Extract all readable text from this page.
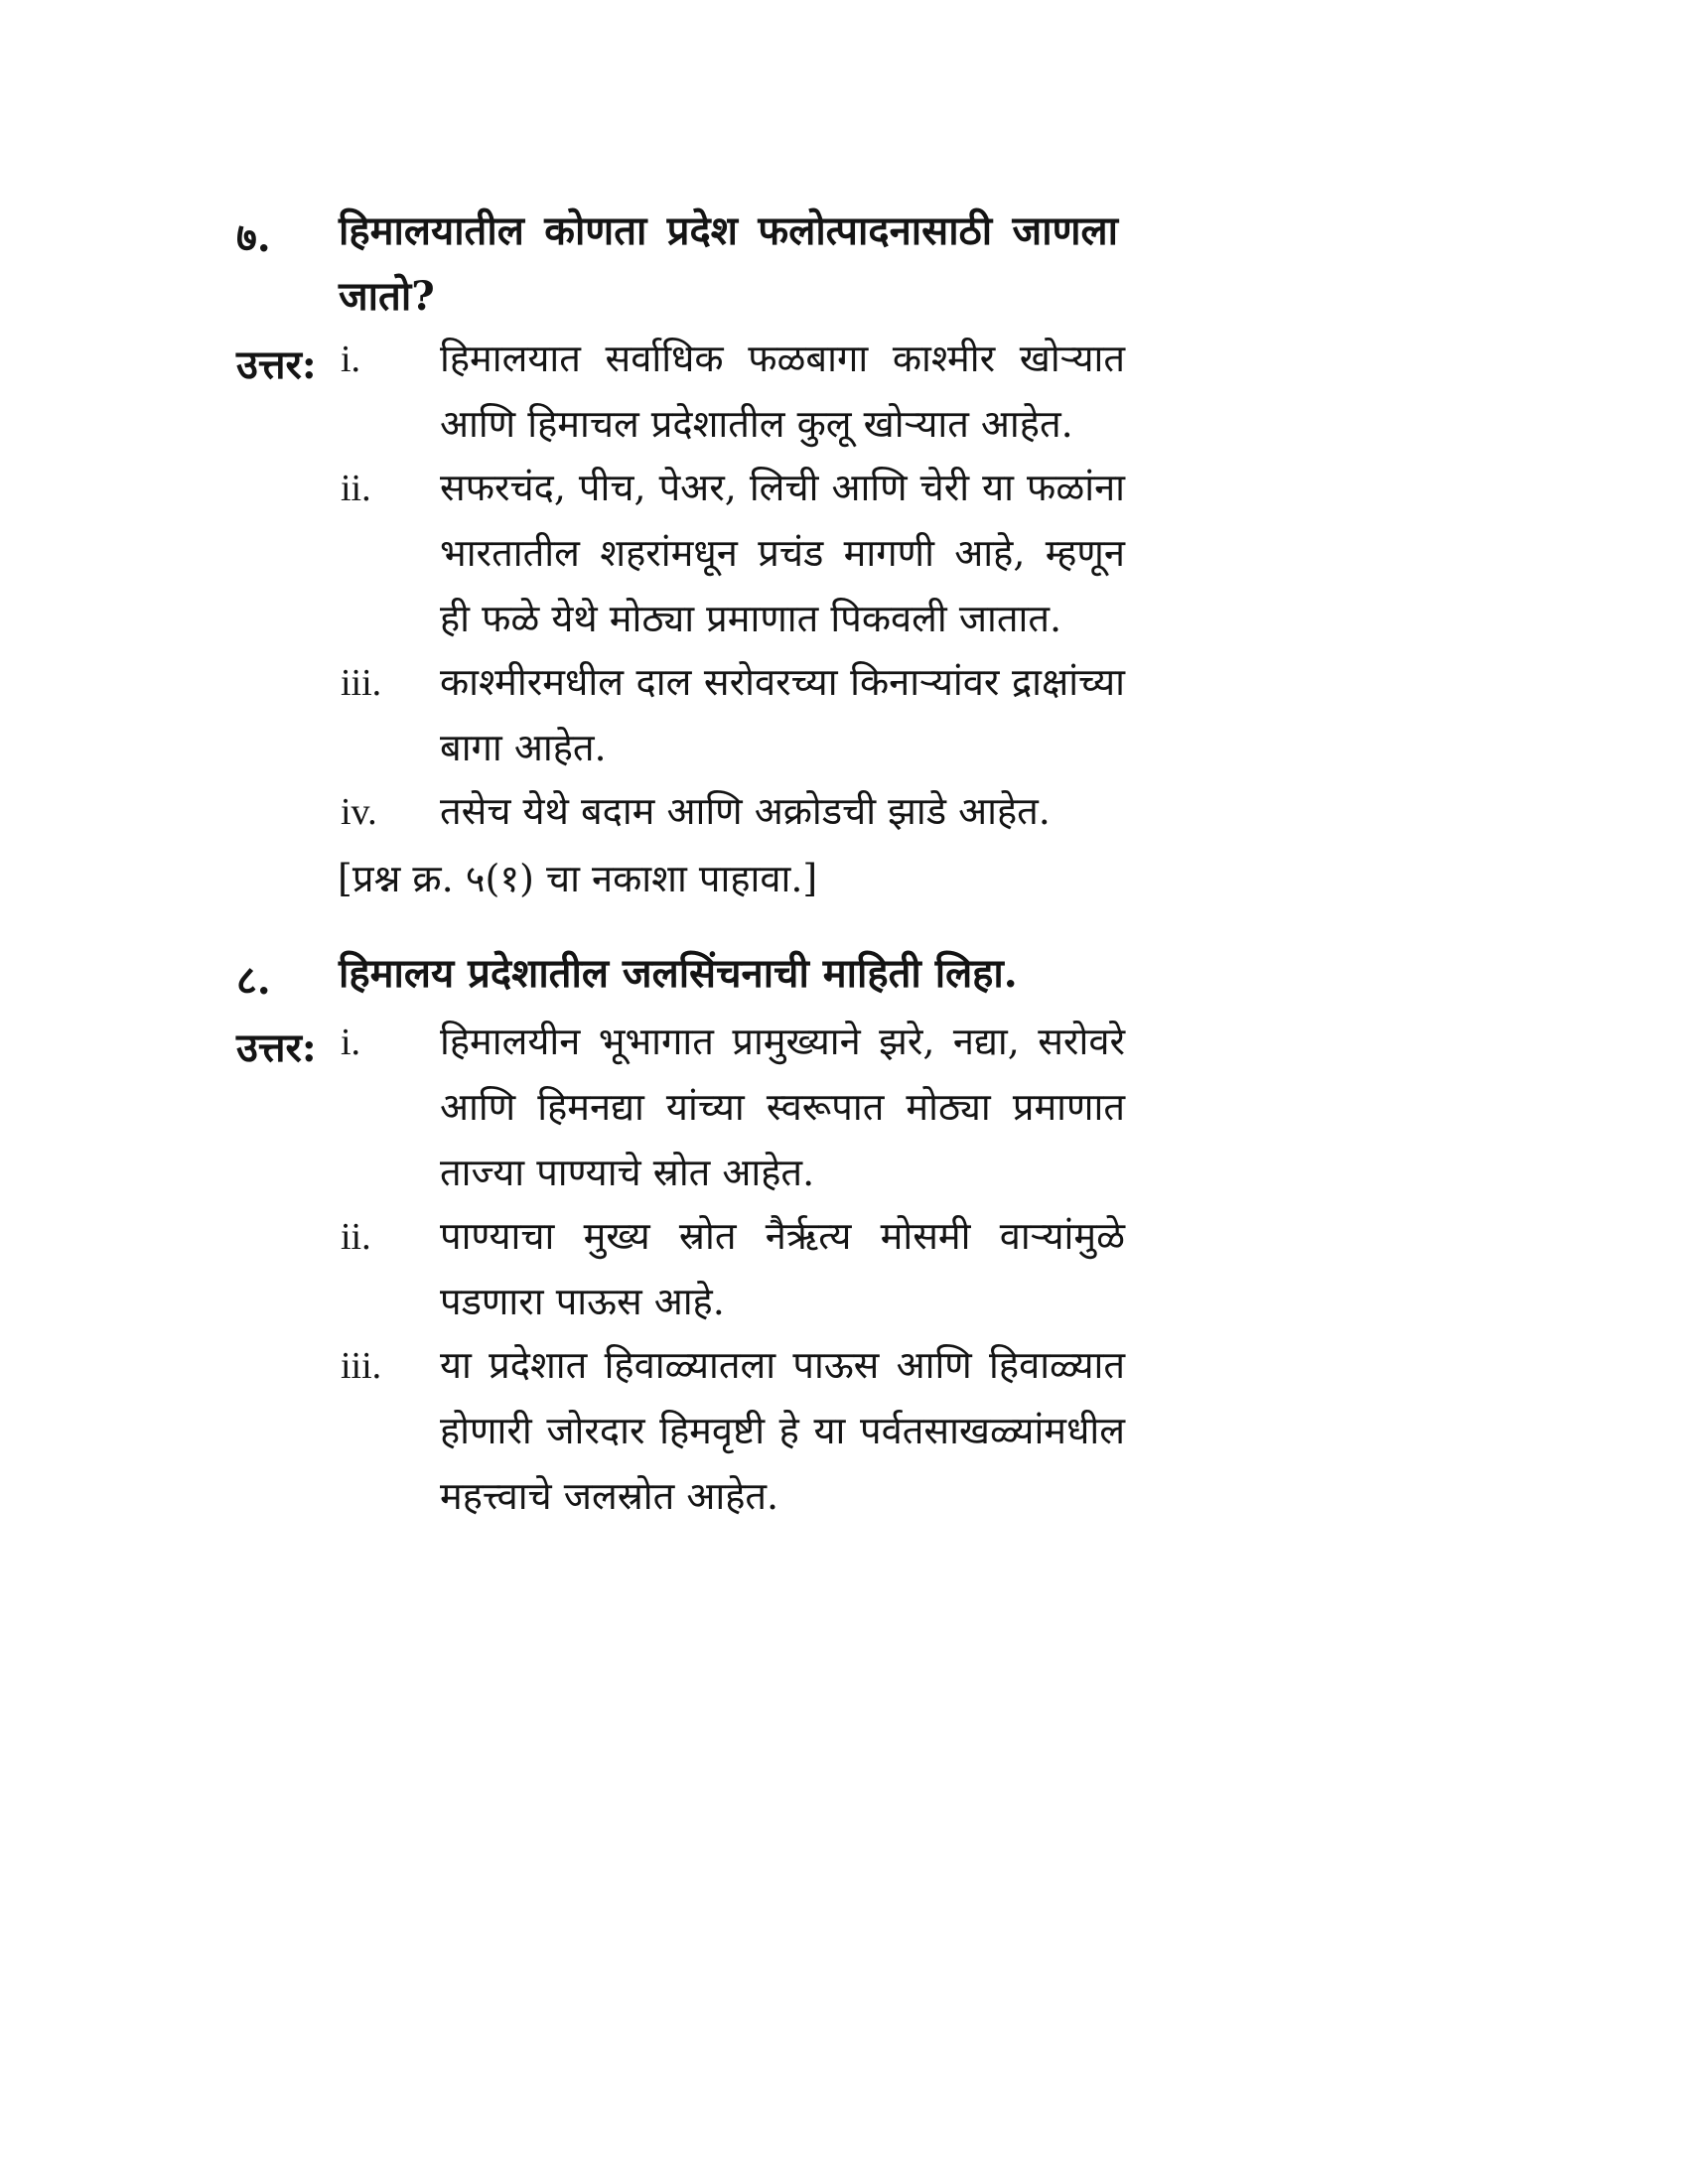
७. हिमालयातील कोणता प्रदेश फलोत्पादनासाठी जाणला जातो?
उत्तर: i. हिमालयात सर्वाधिक फळबागा काश्मीर खोऱ्यात आणि हिमाचल प्रदेशातील कुलू खोऱ्यात आहेत.
ii. सफरचंद, पीच, पेअर, लिची आणि चेरी या फळांना भारतातील शहरांमधून प्रचंड मागणी आहे, म्हणून ही फळे येथे मोठ्या प्रमाणात पिकवली जातात.
iii. काश्मीरमधील दाल सरोवरच्या किनाऱ्यांवर द्राक्षांच्या बागा आहेत.
iv. तसेच येथे बदाम आणि अक्रोडची झाडे आहेत.
[प्रश्न क्र. ५(१) चा नकाशा पाहावा.]
८. हिमालय प्रदेशातील जलसिंचनाची माहिती लिहा.
उत्तर: i. हिमालयीन भूभागात प्रामुख्याने झरे, नद्या, सरोवरे आणि हिमनद्या यांच्या स्वरूपात मोठ्या प्रमाणात ताज्या पाण्याचे स्रोत आहेत.
ii. पाण्याचा मुख्य स्रोत नैर्ऋत्य मोसमी वाऱ्यांमुळे पडणारा पाऊस आहे.
iii. या प्रदेशात हिवाळ्यातला पाऊस आणि हिवाळ्यात होणारी जोरदार हिमवृष्टी हे या पर्वतसाखळ्यांमधील महत्त्वाचे जलस्रोत आहेत.
